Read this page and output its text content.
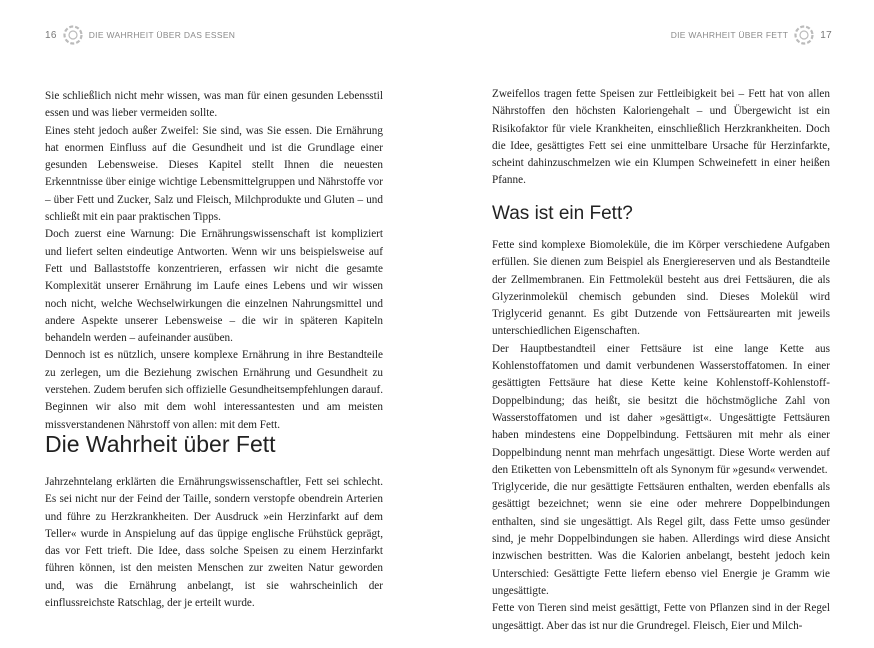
16	DIE WAHRHEIT ÜBER DAS ESSEN

Sie schließlich nicht mehr wissen, was man für einen gesunden Lebensstil essen und was lieber vermeiden sollte.

Eines steht jedoch außer Zweifel: Sie sind, was Sie essen. Die Ernährung hat enormen Einfluss auf die Gesundheit und ist die Grundlage einer gesunden Lebensweise. Dieses Kapitel stellt Ihnen die neuesten Erkenntnisse über einige wichtige Lebensmittelgruppen und Nährstoffe vor – über Fett und Zucker, Salz und Fleisch, Milchprodukte und Gluten – und schließt mit ein paar praktischen Tipps.

Doch zuerst eine Warnung: Die Ernährungswissenschaft ist kompliziert und liefert selten eindeutige Antworten. Wenn wir uns beispielsweise auf Fett und Ballaststoffe konzentrieren, erfassen wir nicht die gesamte Komplexität unserer Ernährung im Laufe eines Lebens und wir wissen noch nicht, welche Wechselwirkungen die einzelnen Nahrungsmittel und andere Aspekte unserer Lebensweise – die wir in späteren Kapiteln behandeln werden – aufeinander ausüben.

Dennoch ist es nützlich, unsere komplexe Ernährung in ihre Bestandteile zu zerlegen, um die Beziehung zwischen Ernährung und Gesundheit zu verstehen. Zudem berufen sich offizielle Gesundheitsempfehlungen darauf. Beginnen wir also mit dem wohl interessantesten und am meisten missverstandenen Nährstoff von allen: mit dem Fett.

Die Wahrheit über Fett

Jahrzehntelang erklärten die Ernährungswissenschaftler, Fett sei schlecht. Es sei nicht nur der Feind der Taille, sondern verstopfe obendrein Arterien und führe zu Herzkrankheiten. Der Ausdruck »ein Herzinfarkt auf dem Teller« wurde in Anspielung auf das üppige englische Frühstück geprägt, das vor Fett trieft. Die Idee, dass solche Speisen zu einem Herzinfarkt führen können, ist den meisten Menschen zur zweiten Natur geworden und, was die Ernährung anbelangt, ist sie wahrscheinlich der einflussreichste Ratschlag, der je erteilt wurde.

DIE WAHRHEIT ÜBER FETT	17

Zweifellos tragen fette Speisen zur Fettleibigkeit bei – Fett hat von allen Nährstoffen den höchsten Kaloriengehalt – und Übergewicht ist ein Risikofaktor für viele Krankheiten, einschließlich Herzkrankheiten. Doch die Idee, gesättigtes Fett sei eine unmittelbare Ursache für Herzinfarkte, scheint dahinzuschmelzen wie ein Klumpen Schweinefett in einer heißen Pfanne.

Was ist ein Fett?

Fette sind komplexe Biomoleküle, die im Körper verschiedene Aufgaben erfüllen. Sie dienen zum Beispiel als Energiereserven und als Bestandteile der Zellmembranen. Ein Fettmolekül besteht aus drei Fettsäuren, die als Glyzerinmolekül chemisch gebunden sind. Dieses Molekül wird Triglycerid genannt. Es gibt Dutzende von Fettsäurearten mit jeweils unterschiedlichen Eigenschaften.

Der Hauptbestandteil einer Fettsäure ist eine lange Kette aus Kohlenstoffatomen und damit verbundenen Wasserstoffatomen. In einer gesättigten Fettsäure hat diese Kette keine Kohlenstoff-Kohlenstoff-Doppelbindung; das heißt, sie besitzt die höchstmögliche Zahl von Wasserstoffatomen und ist daher »gesättigt«. Ungesättigte Fettsäuren haben mindestens eine Doppelbindung. Fettsäuren mit mehr als einer Doppelbindung nennt man mehrfach ungesättigt. Diese Worte werden auf den Etiketten von Lebensmitteln oft als Synonym für »gesund« verwendet.

Triglyceride, die nur gesättigte Fettsäuren enthalten, werden ebenfalls als gesättigt bezeichnet; wenn sie eine oder mehrere Doppelbindungen enthalten, sind sie ungesättigt. Als Regel gilt, dass Fette umso gesünder sind, je mehr Doppelbindungen sie haben. Allerdings wird diese Ansicht inzwischen bestritten. Was die Kalorien anbelangt, besteht jedoch kein Unterschied: Gesättigte Fette liefern ebenso viel Energie je Gramm wie ungesättigte.

Fette von Tieren sind meist gesättigt, Fette von Pflanzen sind in der Regel ungesättigt. Aber das ist nur die Grundregel. Fleisch, Eier und Milch-
